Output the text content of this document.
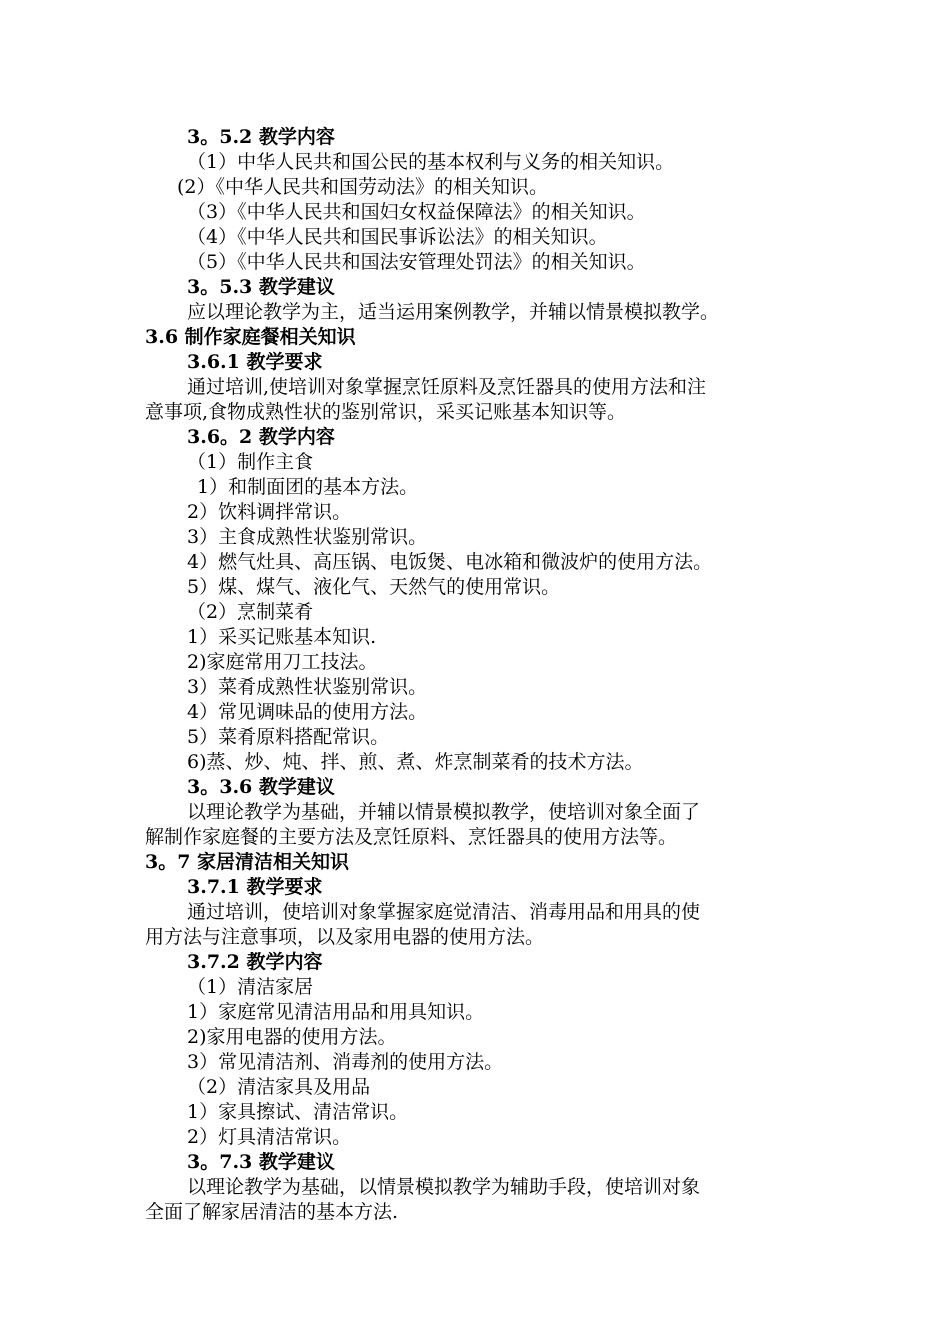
3。5.2 教学内容
（1）中华人民共和国公民的基本权利与义务的相关知识。
(2）《中华人民共和国劳动法》的相关知识。
（3）《中华人民共和国妇女权益保障法》的相关知识。
（4）《中华人民共和国民事诉讼法》的相关知识。
（5）《中华人民共和国法安管理处罚法》的相关知识。
3。5.3 教学建议
应以理论教学为主，适当运用案例教学，并辅以情景模拟教学。
3.6 制作家庭餐相关知识
3.6.1 教学要求
通过培训,使培训对象掌握烹饪原料及烹饪器具的使用方法和注
意事项,食物成熟性状的鉴别常识，采买记账基本知识等。
3.6。2 教学内容
（1）制作主食
1）和制面团的基本方法。
2）饮料调拌常识。
3）主食成熟性状鉴别常识。
4）燃气灶具、高压锅、电饭煲、电冰箱和微波炉的使用方法。
5）煤、煤气、液化气、天然气的使用常识。
（2）烹制菜肴
1）采买记账基本知识.
2)家庭常用刀工技法。
3）菜肴成熟性状鉴别常识。
4）常见调味品的使用方法。
5）菜肴原料搭配常识。
6)蒸、炒、炖、拌、煎、煮、炸烹制菜肴的技术方法。
3。3.6 教学建议
以理论教学为基础，并辅以情景模拟教学，使培训对象全面了
解制作家庭餐的主要方法及烹饪原料、烹饪器具的使用方法等。
3。7 家居清洁相关知识
3.7.1 教学要求
通过培训，使培训对象掌握家庭觉清洁、消毒用品和用具的使
用方法与注意事项，以及家用电器的使用方法。
3.7.2 教学内容
（1）清洁家居
1）家庭常见清洁用品和用具知识。
2)家用电器的使用方法。
3）常见清洁剂、消毒剂的使用方法。
（2）清洁家具及用品
1）家具擦试、清洁常识。
2）灯具清洁常识。
3。7.3 教学建议
以理论教学为基础，以情景模拟教学为辅助手段，使培训对象
全面了解家居清洁的基本方法.
